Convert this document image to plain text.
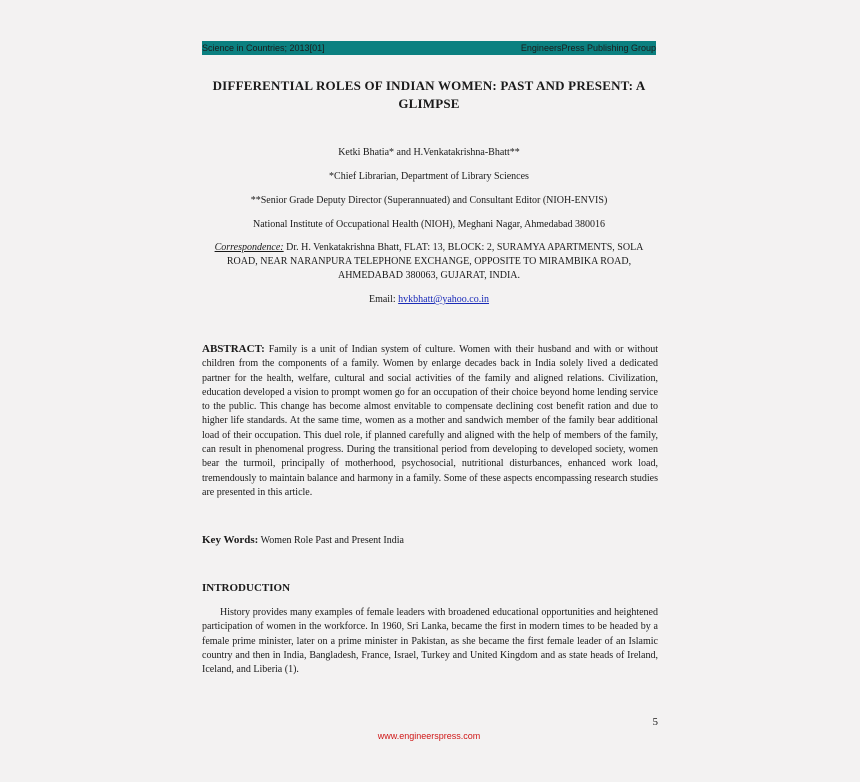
Science in Countries; 2013[01]	EngineersPress Publishing Group
DIFFERENTIAL ROLES OF INDIAN WOMEN: PAST AND PRESENT: A GLIMPSE
Ketki Bhatia* and H.Venkatakrishna-Bhatt**
*Chief Librarian, Department of Library Sciences
**Senior Grade Deputy Director (Superannuated) and Consultant Editor (NIOH-ENVIS)
National Institute of Occupational Health (NIOH), Meghani Nagar, Ahmedabad 380016
Correspondence: Dr. H. Venkatakrishna Bhatt, FLAT: 13, BLOCK: 2, SURAMYA APARTMENTS, SOLA ROAD, NEAR NARANPURA TELEPHONE EXCHANGE, OPPOSITE TO MIRAMBIKA ROAD, AHMEDABAD 380063, GUJARAT, INDIA.
Email: hvkbhatt@yahoo.co.in
ABSTRACT: Family is a unit of Indian system of culture. Women with their husband and with or without children from the components of a family. Women by enlarge decades back in India solely lived a dedicated partner for the health, welfare, cultural and social activities of the family and aligned relations. Civilization, education developed a vision to prompt women go for an occupation of their choice beyond home lending service to the public. This change has become almost envitable to compensate declining cost benefit ration and due to higher life standards. At the same time, women as a mother and sandwich member of the family bear additional load of their occupation. This duel role, if planned carefully and aligned with the help of members of the family, can result in phenomenal progress. During the transitional period from developing to developed society, women bear the turmoil, principally of motherhood, psychosocial, nutritional disturbances, enhanced work load, tremendously to maintain balance and harmony in a family. Some of these aspects encompassing research studies are presented in this article.
Key Words: Women Role Past and Present India
INTRODUCTION
History provides many examples of female leaders with broadened educational opportunities and heightened participation of women in the workforce. In 1960, Sri Lanka, became the first in modern times to be headed by a female prime minister, later on a prime minister in Pakistan, as she became the first female leader of an Islamic country and then in India, Bangladesh, France, Israel, Turkey and United Kingdom and as state heads of Ireland, Iceland, and Liberia (1).
5
www.engineerspress.com
